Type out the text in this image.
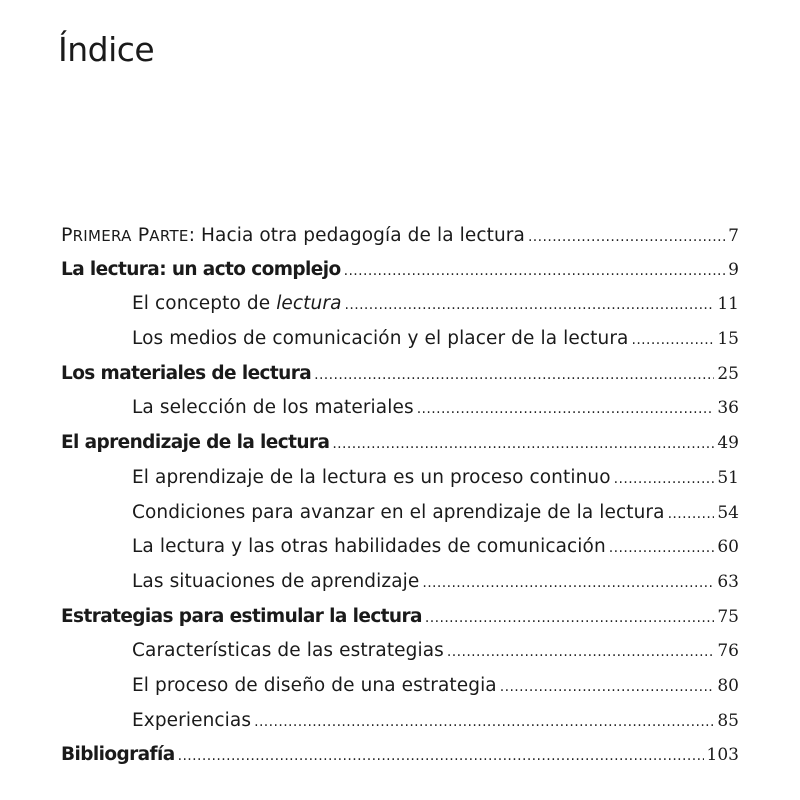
Índice
PRIMERA PARTE: Hacia otra pedagogía de la lectura .....	7
La lectura: un acto complejo .....	9
El concepto de lectura .....	11
Los medios de comunicación y el placer de la lectura .....	15
Los materiales de lectura .....	25
La selección de los materiales .....	36
El aprendizaje de la lectura .....	49
El aprendizaje de la lectura es un proceso continuo .....	51
Condiciones para avanzar en el aprendizaje de la lectura .....	54
La lectura y las otras habilidades de comunicación .....	60
Las situaciones de aprendizaje .....	63
Estrategias para estimular la lectura .....	75
Características de las estrategias .....	76
El proceso de diseño de una estrategia .....	80
Experiencias .....	85
Bibliografía .....	103
